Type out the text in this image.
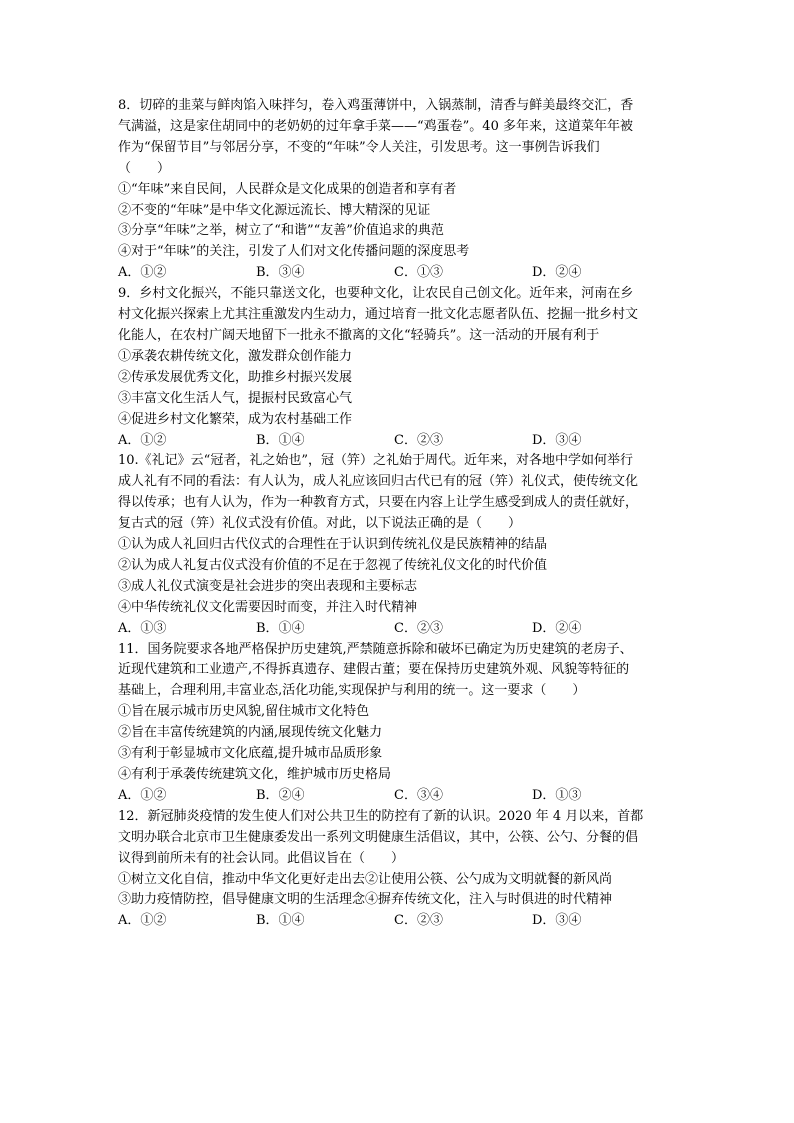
8．切碎的韭菜与鲜肉馅入味拌匀，卷入鸡蛋薄饼中，入锅蒸制，清香与鲜美最终交汇，香
气满溢，这是家住胡同中的老奶奶的过年拿手菜——“鸡蛋卷”。40 多年来，这道菜年年被
作为“保留节目”与邻居分享，不变的“年味”令人关注，引发思考。这一事例告诉我们
（　　）
①“年味”来自民间，人民群众是文化成果的创造者和享有者
②不变的“年味”是中华文化源远流长、博大精深的见证
③分享“年味”之举，树立了“和谐”“友善”价值追求的典范
④对于“年味”的关注，引发了人们对文化传播问题的深度思考
A．①②	B．③④	C．①③	D．②④
9．乡村文化振兴，不能只靠送文化，也要种文化，让农民自己创文化。近年来，河南在乡
村文化振兴探索上尤其注重激发内生动力，通过培育一批文化志愿者队伍、挖掘一批乡村文
化能人，在农村广阔天地留下一批永不撤离的文化“轻骑兵”。这一活动的开展有利于
①承袭农耕传统文化，激发群众创作能力
②传承发展优秀文化，助推乡村振兴发展
③丰富文化生活人气，提振村民致富心气
④促进乡村文化繁荣，成为农村基础工作
A．①②	B．①④	C．②③	D．③④
10.《礼记》云“冠者，礼之始也”，冠（笄）之礼始于周代。近年来，对各地中学如何举行
成人礼有不同的看法：有人认为，成人礼应该回归古代已有的冠（笄）礼仪式，使传统文化
得以传承；也有人认为，作为一种教育方式，只要在内容上让学生感受到成人的责任就好，
复古式的冠（笄）礼仪式没有价值。对此，以下说法正确的是（　　）
①认为成人礼回归古代仪式的合理性在于认识到传统礼仪是民族精神的结晶
②认为成人礼复古仪式没有价值的不足在于忽视了传统礼仪文化的时代价值
③成人礼仪式演变是社会进步的突出表现和主要标志
④中华传统礼仪文化需要因时而变，并注入时代精神
A．①③	B．①④	C．②③	D．②④
11．国务院要求各地严格保护历史建筑,严禁随意拆除和破坏已确定为历史建筑的老房子、
近现代建筑和工业遗产,不得拆真遗存、建假古董；要在保持历史建筑外观、风貌等特征的
基础上，合理利用,丰富业态,活化功能,实现保护与利用的统一。这一要求（　　）
①旨在展示城市历史风貌,留住城市文化特色
②旨在丰富传统建筑的内涵,展现传统文化魅力
③有利于彰显城市文化底蕴,提升城市品质形象
④有利于承袭传统建筑文化，维护城市历史格局
A．①②	B．②④	C．③④	D．①③
12．新冠肺炎疫情的发生使人们对公共卫生的防控有了新的认识。2020 年 4 月以来，首都
文明办联合北京市卫生健康委发出一系列文明健康生活倡议，其中，公筷、公勺、分餐的倡
议得到前所未有的社会认同。此倡议旨在（　　）
①树立文化自信，推动中华文化更好走出去②让使用公筷、公勺成为文明就餐的新风尚
③助力疫情防控，倡导健康文明的生活理念④摒弃传统文化，注入与时俱进的时代精神
A．①②	B．①④	C．②③	D．③④
